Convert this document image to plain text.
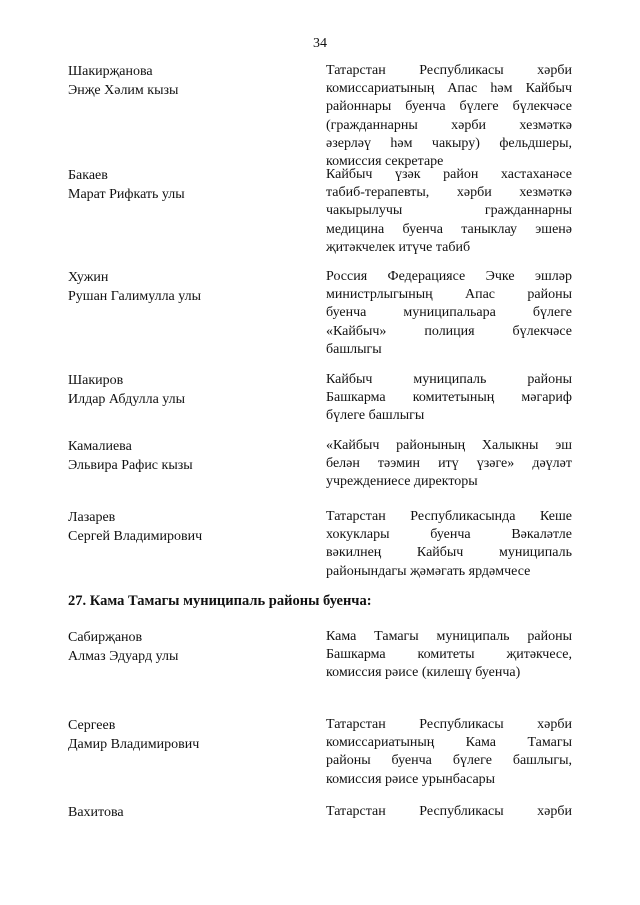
34
Шакирҗанова
Энҗе Хәлим кызы
Татарстан Республикасы хәрби
комиссариатының Апас һәм Кайбыч
районнары буенча бүлеге бүлекчәсе
(гражданнарны хәрби хезмәткә
әзерләү һәм чакыру) фельдшеры,
комиссия секретаре
Бакаев
Марат Рифкать улы
Кайбыч үзәк район хастаханәсе
табиб-терапевты, хәрби хезмәткә
чакырылучы гражданнарны
медицина буенча таныклау эшенә
җитәкчелек итүче табиб
Хужин
Рушан Галимулла улы
Россия Федерациясе Эчке эшләр
министрлыгының Апас районы
буенча муниципальара бүлеге
«Кайбыч» полиция бүлекчәсе
башлыгы
Шакиров
Илдар Абдулла улы
Кайбыч муниципаль районы
Башкарма комитетының мәгариф
бүлеге башлыгы
Камалиева
Эльвира Рафис кызы
«Кайбыч районының Халыкны эш
белән тәэмин итү үзәге» дәүләт
учреждениесе директоры
Лазарев
Сергей Владимирович
Татарстан Республикасында Кеше
хокуклары буенча Вәкаләтле
вәкилнең Кайбыч муниципаль
районындагы җәмәгать ярдәмчесе
27. Кама Тамагы муниципаль районы буенча:
Сабирҗанов
Алмаз Эдуард улы
Кама Тамагы муниципаль районы
Башкарма комитеты җитәкчесе,
комиссия рәисе (килешү буенча)
Сергеев
Дамир Владимирович
Татарстан Республикасы хәрби
комиссариатының Кама Тамагы
районы буенча бүлеге башлыгы,
комиссия рәисе урынбасары
Вахитова	Татарстан Республикасы хәрби
